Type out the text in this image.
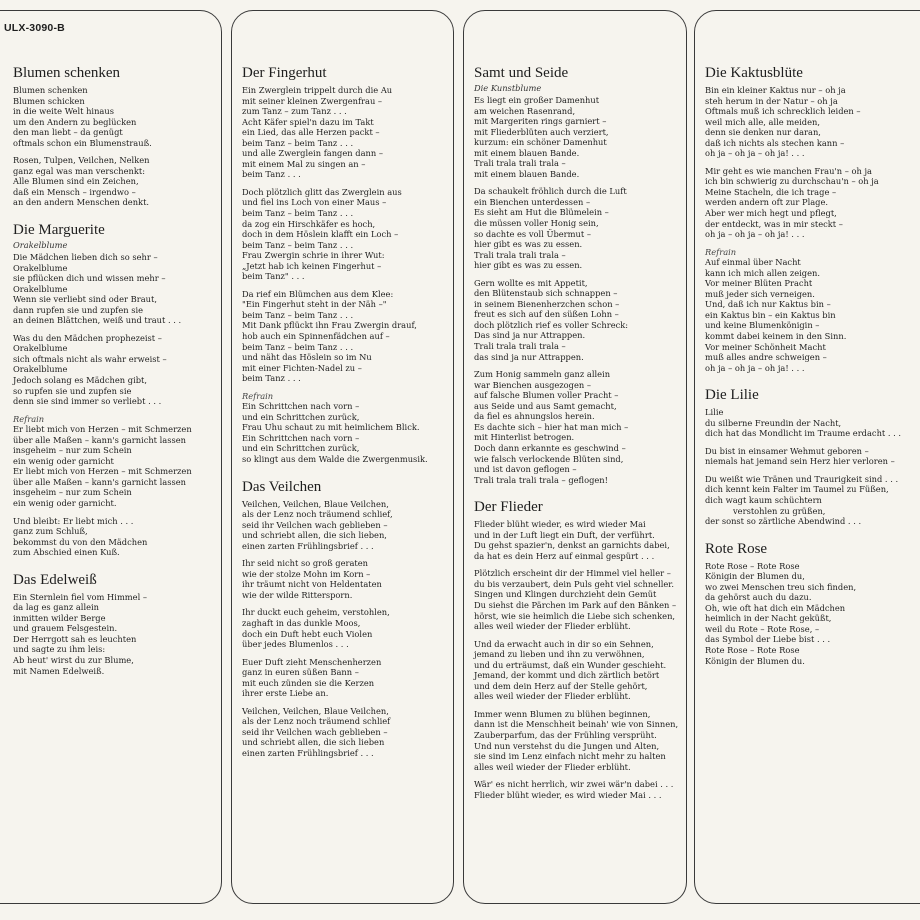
ULX-3090-B
Blumen schenken
Blumen schenken
Blumen schicken
in die weite Welt hinaus
um den Andern zu beglücken
den man liebt – da genügt
oftmals schon ein Blumenstrauß.
Rosen, Tulpen, Veilchen, Nelken
ganz egal was man verschenkt:
Alle Blumen sind ein Zeichen,
daß ein Mensch – irgendwo –
an den andern Menschen denkt.
Die Marguerite
Orakelblume
Die Mädchen lieben dich so sehr –
Orakelblume
sie pflücken dich und wissen mehr –
Orakelblume
Wenn sie verliebt sind oder Braut,
dann rupfen sie und zupfen sie
an deinen Blättchen, weiß und traut . . .
Was du den Mädchen prophezeist –
Orakelblume
sich oftmals nicht als wahr erweist –
Orakelblume
Jedoch solang es Mädchen gibt,
so rupfen sie und zupfen sie
denn sie sind immer so verliebt . . .
Refrain
Er liebt mich von Herzen – mit Schmerzen
über alle Maßen – kann's garnicht lassen
insgeheim – nur zum Schein
ein wenig oder garnicht
Er liebt mich von Herzen – mit Schmerzen
über alle Maßen – kann's garnicht lassen
insgeheim – nur zum Schein
ein wenig oder garnicht.
Und bleibt: Er liebt mich . . .
ganz zum Schluß,
bekommst du von den Mädchen
zum Abschied einen Kuß.
Das Edelweiß
Ein Sternlein fiel vom Himmel –
da lag es ganz allein
inmitten wilder Berge
und grauem Felsgestein.
Der Herrgott sah es leuchten
und sagte zu ihm leis:
Ab heut' wirst du zur Blume,
mit Namen Edelweiß.
Der Fingerhut
Ein Zwerglein trippelt durch die Au
mit seiner kleinen Zwergenfrau –
zum Tanz – zum Tanz . . .
Acht Käfer spiel'n dazu im Takt
ein Lied, das alle Herzen packt –
beim Tanz – beim Tanz . . .
und alle Zwerglein fangen dann –
mit einem Mal zu singen an –
beim Tanz . . .
Doch plötzlich glitt das Zwerglein aus
und fiel ins Loch von einer Maus –
beim Tanz – beim Tanz . . .
da zog ein Hirschkäfer es hoch,
doch in dem Höslein klafft ein Loch –
beim Tanz – beim Tanz . . .
Frau Zwergin schrie in ihrer Wut:
„Jetzt hab ich keinen Fingerhut –
beim Tanz" . . .
Da rief ein Blümchen aus dem Klee:
"Ein Fingerhut steht in der Näh –"
beim Tanz – beim Tanz . . .
Mit Dank pflückt ihn Frau Zwergin drauf,
hob auch ein Spinnenfädchen auf –
beim Tanz – beim Tanz . . .
und näht das Höslein so im Nu
mit einer Fichten-Nadel zu –
beim Tanz . . .
Refrain
Ein Schrittchen nach vorn –
und ein Schrittchen zurück,
Frau Uhu schaut zu mit heimlichem Blick.
Ein Schrittchen nach vorn –
und ein Schrittchen zurück,
so klingt aus dem Walde die Zwergenmusik.
Das Veilchen
Veilchen, Veilchen, Blaue Veilchen,
als der Lenz noch träumend schlief,
seid ihr Veilchen wach geblieben –
und schriebt allen, die sich lieben,
einen zarten Frühlingsbrief . . .
Ihr seid nicht so groß geraten
wie der stolze Mohn im Korn –
ihr träumt nicht von Heldentaten
wie der wilde Rittersporn.
Ihr duckt euch geheim, verstohlen,
zaghaft in das dunkle Moos,
doch ein Duft hebt euch Violen
über jedes Blumenlos . . .
Euer Duft zieht Menschenherzen
ganz in euren süßen Bann –
mit euch zünden sie die Kerzen
ihrer erste Liebe an.
Veilchen, Veilchen, Blaue Veilchen,
als der Lenz noch träumend schlief
seid ihr Veilchen wach geblieben –
und schriebt allen, die sich lieben
einen zarten Frühlingsbrief . . .
Samt und Seide
Die Kunstblume
Es liegt ein großer Damenhut
am weichen Rasenrand,
mit Margeriten rings garniert –
mit Fliederblüten auch verziert,
kurzum: ein schöner Damenhut
mit einem blauen Bande.
Trali trala trali trala –
mit einem blauen Bande.
Da schaukelt fröhlich durch die Luft
ein Bienchen unterdessen –
Es sieht am Hut die Blümelein –
die müssen voller Honig sein,
so dachte es voll Übermut –
hier gibt es was zu essen.
Trali trala trali trala –
hier gibt es was zu essen.
Gern wollte es mit Appetit,
den Blütenstaub sich schnappen –
in seinem Bienenherzchen schon –
freut es sich auf den süßen Lohn –
doch plötzlich rief es voller Schreck:
Das sind ja nur Attrappen.
Trali trala trali trala –
das sind ja nur Attrappen.
Zum Honig sammeln ganz allein
war Bienchen ausgezogen –
auf falsche Blumen voller Pracht –
aus Seide und aus Samt gemacht,
da fiel es ahnungslos herein.
Es dachte sich – hier hat man mich –
mit Hinterlist betrogen.
Doch dann erkannte es geschwind –
wie falsch verlockende Blüten sind,
und ist davon geflogen –
Trali trala trali trala – geflogen!
Der Flieder
Flieder blüht wieder, es wird wieder Mai
und in der Luft liegt ein Duft, der verführt.
Du gehst spazier'n, denkst an garnichts dabei,
da hat es dein Herz auf einmal gespürt . . .
Plötzlich erscheint dir der Himmel viel heller –
du bis verzaubert, dein Puls geht viel schneller.
Singen und Klingen durchzieht dein Gemüt
Du siehst die Pärchen im Park auf den Bänken –
hörst, wie sie heimlich die Liebe sich schenken,
alles weil wieder der Flieder erblüht.
Und da erwacht auch in dir so ein Sehnen,
jemand zu lieben und ihn zu verwöhnen,
und du erträumst, daß ein Wunder geschieht.
Jemand, der kommt und dich zärtlich betört
und dem dein Herz auf der Stelle gehört,
alles weil wieder der Flieder erblüht.
Immer wenn Blumen zu blühen beginnen,
dann ist die Menschheit beinah' wie von Sinnen,
Zauberparfum, das der Frühling versprüht.
Und nun verstehst du die Jungen und Alten,
sie sind im Lenz einfach nicht mehr zu halten
alles weil wieder der Flieder erblüht.
Wär' es nicht herrlich, wir zwei wär'n dabei . . .
Flieder blüht wieder, es wird wieder Mai . . .
Die Kaktusblüte
Bin ein kleiner Kaktus nur – oh ja
steh herum in der Natur – oh ja
Oftmals muß ich schrecklich leiden –
weil mich alle, alle meiden,
denn sie denken nur daran,
daß ich nichts als stechen kann –
oh ja – oh ja – oh ja! . . .
Mir geht es wie manchen Frau'n – oh ja
ich bin schwierig zu durchschau'n – oh ja
Meine Stacheln, die ich trage –
werden andern oft zur Plage.
Aber wer mich hegt und pflegt,
der entdeckt, was in mir steckt –
oh ja – oh ja – oh ja! . . .
Refrain
Auf einmal über Nacht
kann ich mich allen zeigen.
Vor meiner Blüten Pracht
muß jeder sich verneigen.
Und, daß ich nur Kaktus bin –
ein Kaktus bin – ein Kaktus bin
und keine Blumenkönigin –
kommt dabei keinem in den Sinn.
Vor meiner Schönheit Macht
muß alles andre schweigen –
oh ja – oh ja – oh ja! . . .
Die Lilie
Lilie
du silberne Freundin der Nacht,
dich hat das Mondlicht im Traume erdacht . . .
Du bist in einsamer Wehmut geboren –
niemals hat jemand sein Herz hier verloren –
Du weißt wie Tränen und Traurigkeit sind . . .
dich kennt kein Falter im Taumel zu Füßen,
dich wagt kaum schüchtern
verstohlen zu grüßen,
der sonst so zärtliche Abendwind . . .
Rote Rose
Rote Rose – Rote Rose
Königin der Blumen du,
wo zwei Menschen treu sich finden,
da gehörst auch du dazu.
Oh, wie oft hat dich ein Mädchen
heimlich in der Nacht geküßt,
weil du Rote – Rote Rose, –
das Symbol der Liebe bist . . .
Rote Rose – Rote Rose
Königin der Blumen du.
